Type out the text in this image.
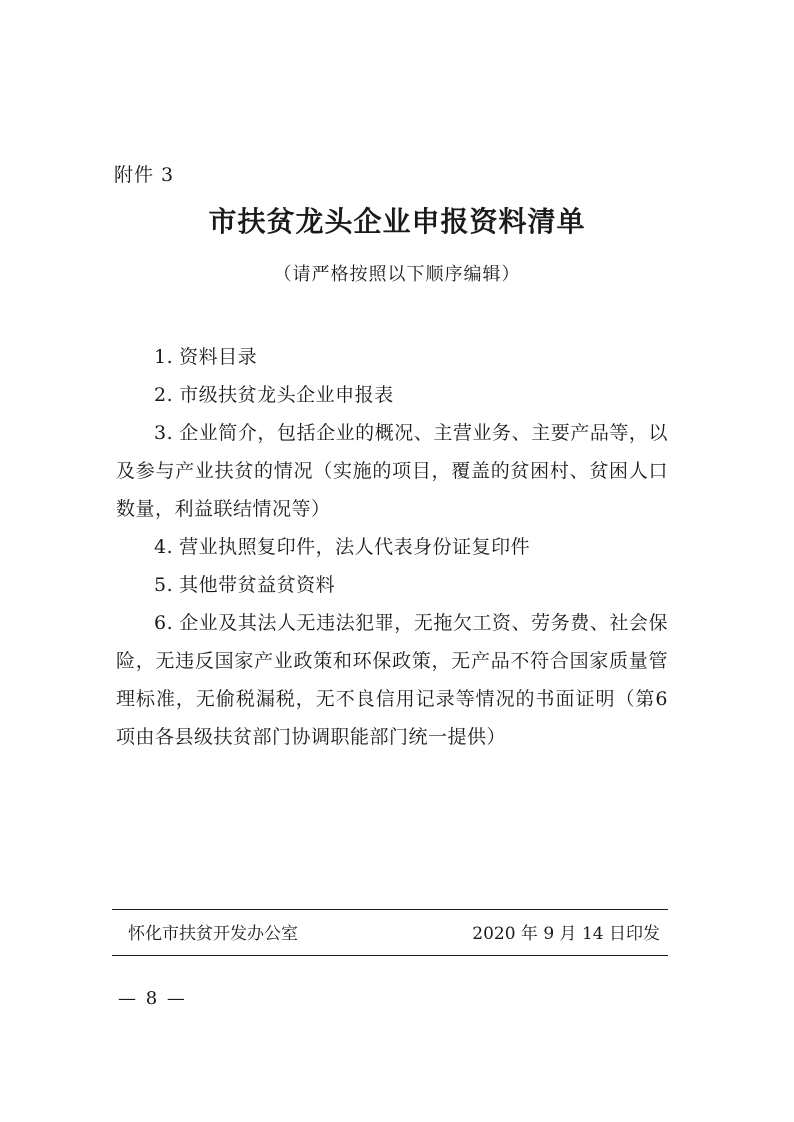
附件 3
市扶贫龙头企业申报资料清单
（请严格按照以下顺序编辑）

1. 资料目录

2. 市级扶贫龙头企业申报表

3. 企业简介，包括企业的概况、主营业务、主要产品等，以及参与产业扶贫的情况（实施的项目，覆盖的贫困村、贫困人口数量，利益联结情况等）

4. 营业执照复印件，法人代表身份证复印件

5. 其他带贫益贫资料

6. 企业及其法人无违法犯罪，无拖欠工资、劳务费、社会保险，无违反国家产业政策和环保政策，无产品不符合国家质量管理标准，无偷税漏税，无不良信用记录等情况的书面证明（第6项由各县级扶贫部门协调职能部门统一提供）

怀化市扶贫开发办公室	2020 年 9 月 14 日印发
— 8 —
